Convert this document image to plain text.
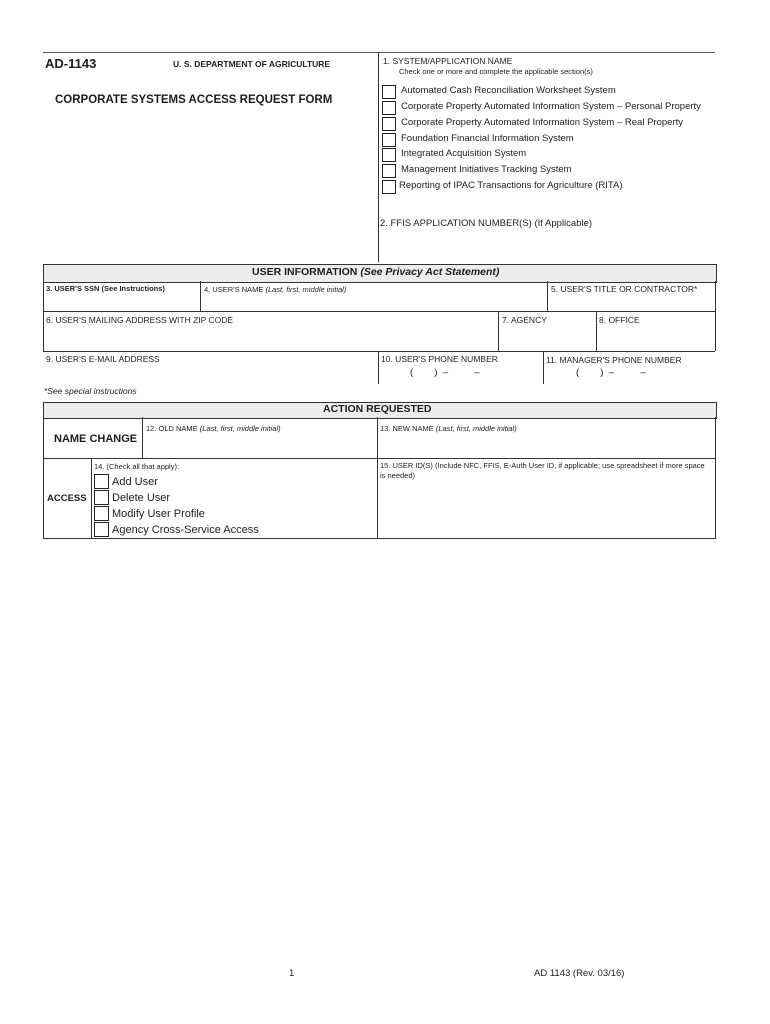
AD-1143	U. S. DEPARTMENT OF AGRICULTURE
CORPORATE SYSTEMS ACCESS REQUEST FORM
1. SYSTEM/APPLICATION NAME
Check one or more and complete the applicable section(s)
Automated Cash Reconciliation Worksheet System
Corporate Property Automated Information System – Personal Property
Corporate Property Automated Information System – Real Property
Foundation Financial Information System
Integrated Acquisition System
Management Initiatives Tracking System
Reporting of IPAC Transactions for Agriculture (RITA)
2. FFIS APPLICATION NUMBER(S) (If Applicable)
USER INFORMATION (See Privacy Act Statement)
3. USER'S SSN (See Instructions)	4. USER'S NAME (Last, first, middle initial)	5. USER'S TITLE OR CONTRACTOR*
6. USER'S MAILING ADDRESS WITH ZIP CODE	7. AGENCY	8. OFFICE
9. USER'S E-MAIL ADDRESS	10. USER'S PHONE NUMBER	11. MANAGER'S PHONE NUMBER
(        )  –          –	(        )  –          –
*See special instructions
ACTION REQUESTED
NAME CHANGE
12. OLD NAME (Last, first, middle initial)	13. NEW NAME (Last, first, middle initial)
ACCESS
14. (Check all that apply):
Add User
Delete User
Modify User Profile
Agency Cross-Service Access
15. USER ID(S) (Include NFC, FFIS, E-Auth User ID, if applicable; use spreadsheet if more space is needed)
1	AD 1143 (Rev. 03/16)
